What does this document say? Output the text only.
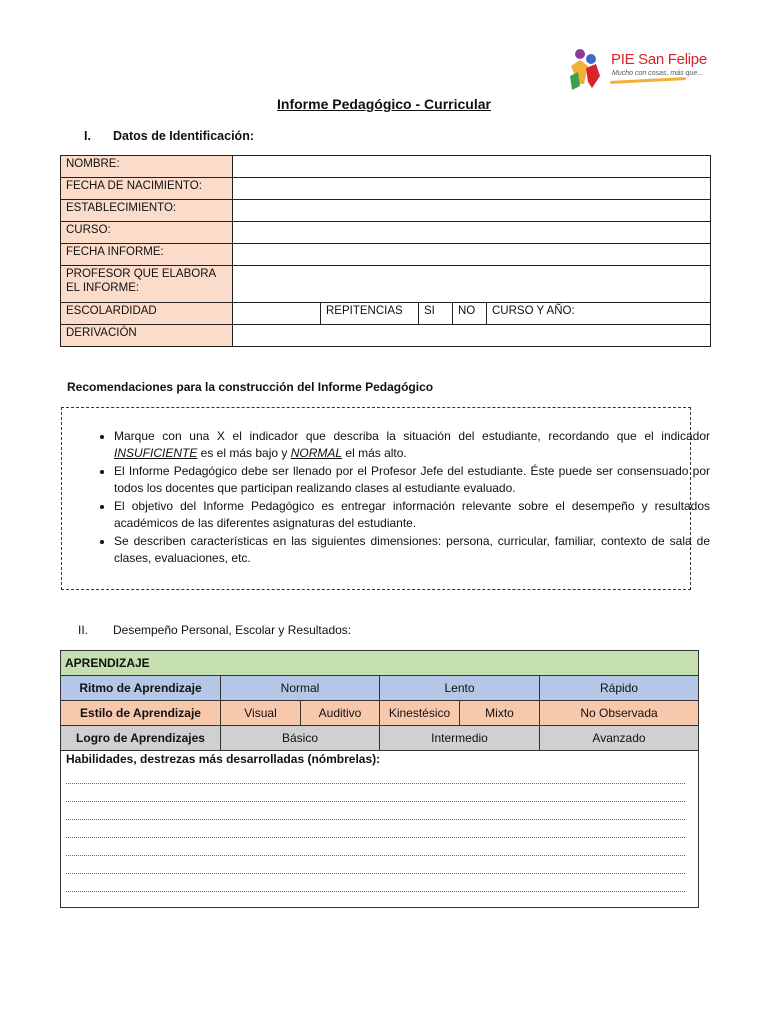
PIE San Felipe
Mucho con cosas, más que...
Informe Pedagógico - Curricular
I. Datos de Identificación:
NOMBRE:					
FECHA DE NACIMIENTO:					
ESTABLECIMIENTO:					
CURSO:					
FECHA INFORME:					
PROFESOR QUE ELABORA EL INFORME:					
ESCOLARDIDAD		REPITENCIAS	SI	NO	CURSO Y AÑO:
DERIVACIÓN					
Recomendaciones para la construcción del Informe Pedagógico
• Marque con una X el indicador que describa la situación del estudiante, recordando que el indicador INSUFICIENTE es el más bajo y NORMAL el más alto.
• El Informe Pedagógico debe ser llenado por el Profesor Jefe del estudiante. Éste puede ser consensuado por todos los docentes que participan realizando clases al estudiante evaluado.
• El objetivo del Informe Pedagógico es entregar información relevante sobre el desempeño y resultados académicos de las diferentes asignaturas del estudiante.
• Se describen características en las siguientes dimensiones: persona, curricular, familiar, contexto de sala de clases, evaluaciones, etc.
II. Desempeño Personal, Escolar y Resultados:
APRENDIZAJE					
Ritmo de Aprendizaje	Normal		Lento		Rápido
Estilo de Aprendizaje	Visual	Auditivo	Kinestésico	Mixto	No Observada
Logro de Aprendizajes	Básico		Intermedio		Avanzado

Habilidades, destrezas más desarrolladas (nómbrelas):					
